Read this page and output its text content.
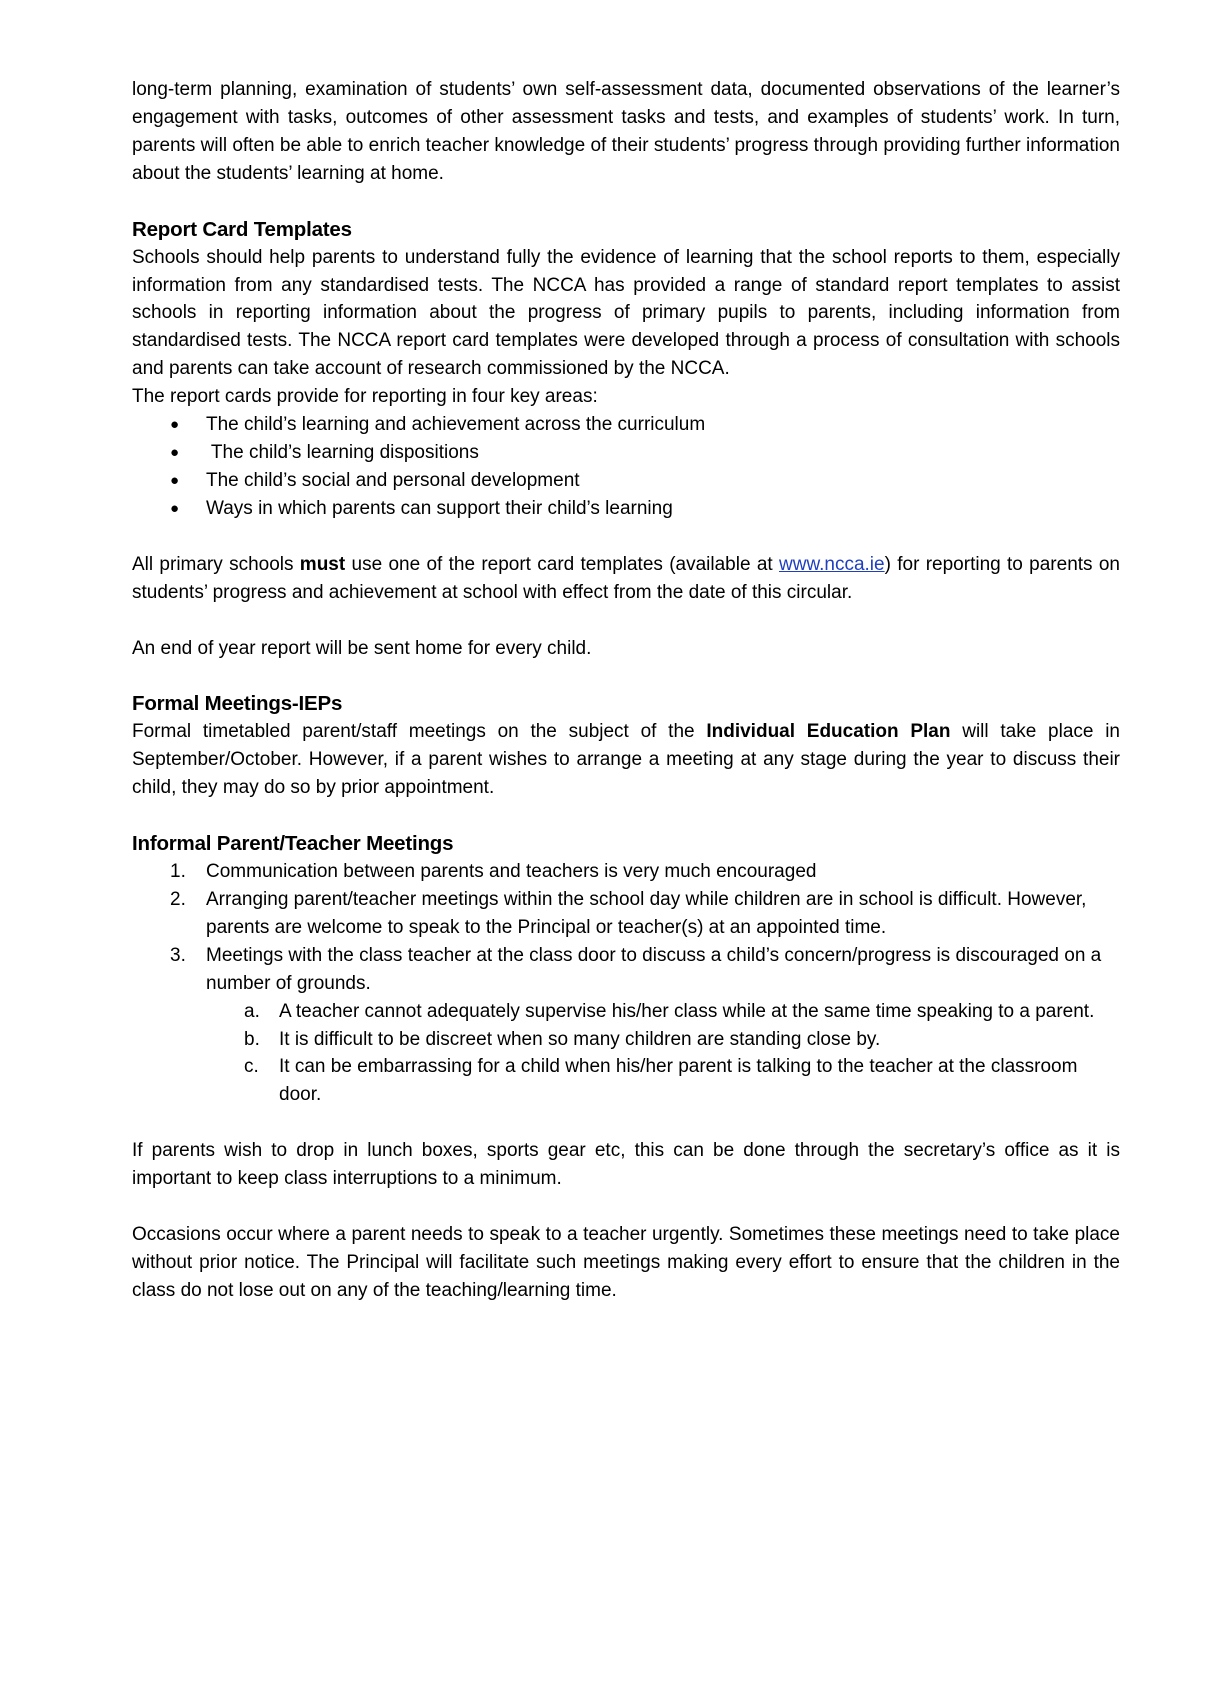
long-term planning, examination of students’ own self-assessment data, documented observations of the learner’s engagement with tasks, outcomes of other assessment tasks and tests, and examples of students’ work. In turn, parents will often be able to enrich teacher knowledge of their students’ progress through providing further information about the students’ learning at home.

Report Card Templates

Schools should help parents to understand fully the evidence of learning that the school reports to them, especially information from any standardised tests. The NCCA has provided a range of standard report templates to assist schools in reporting information about the progress of primary pupils to parents, including information from standardised tests. The NCCA report card templates were developed through a process of consultation with schools and parents can take account of research commissioned by the NCCA.

The report cards provide for reporting in four key areas:

● The child’s learning and achievement across the curriculum
● The child’s learning dispositions
● The child’s social and personal development
● Ways in which parents can support their child’s learning

All primary schools must use one of the report card templates (available at www.ncca.ie) for reporting to parents on students’ progress and achievement at school with effect from the date of this circular.

An end of year report will be sent home for every child.

Formal Meetings-IEPs

Formal timetabled parent/staff meetings on the subject of the Individual Education Plan will take place in September/October. However, if a parent wishes to arrange a meeting at any stage during the year to discuss their child, they may do so by prior appointment.

Informal Parent/Teacher Meetings
1. Communication between parents and teachers is very much encouraged
2. Arranging parent/teacher meetings within the school day while children are in school is difficult. However, parents are welcome to speak to the Principal or teacher(s) at an appointed time.
3. Meetings with the class teacher at the class door to discuss a child’s concern/progress is discouraged on a number of grounds.
a. A teacher cannot adequately supervise his/her class while at the same time speaking to a parent.
b. It is difficult to be discreet when so many children are standing close by.
c. It can be embarrassing for a child when his/her parent is talking to the teacher at the classroom door.

If parents wish to drop in lunch boxes, sports gear etc, this can be done through the secretary’s office as it is important to keep class interruptions to a minimum.

Occasions occur where a parent needs to speak to a teacher urgently. Sometimes these meetings need to take place without prior notice. The Principal will facilitate such meetings making every effort to ensure that the children in the class do not lose out on any of the teaching/learning time.
